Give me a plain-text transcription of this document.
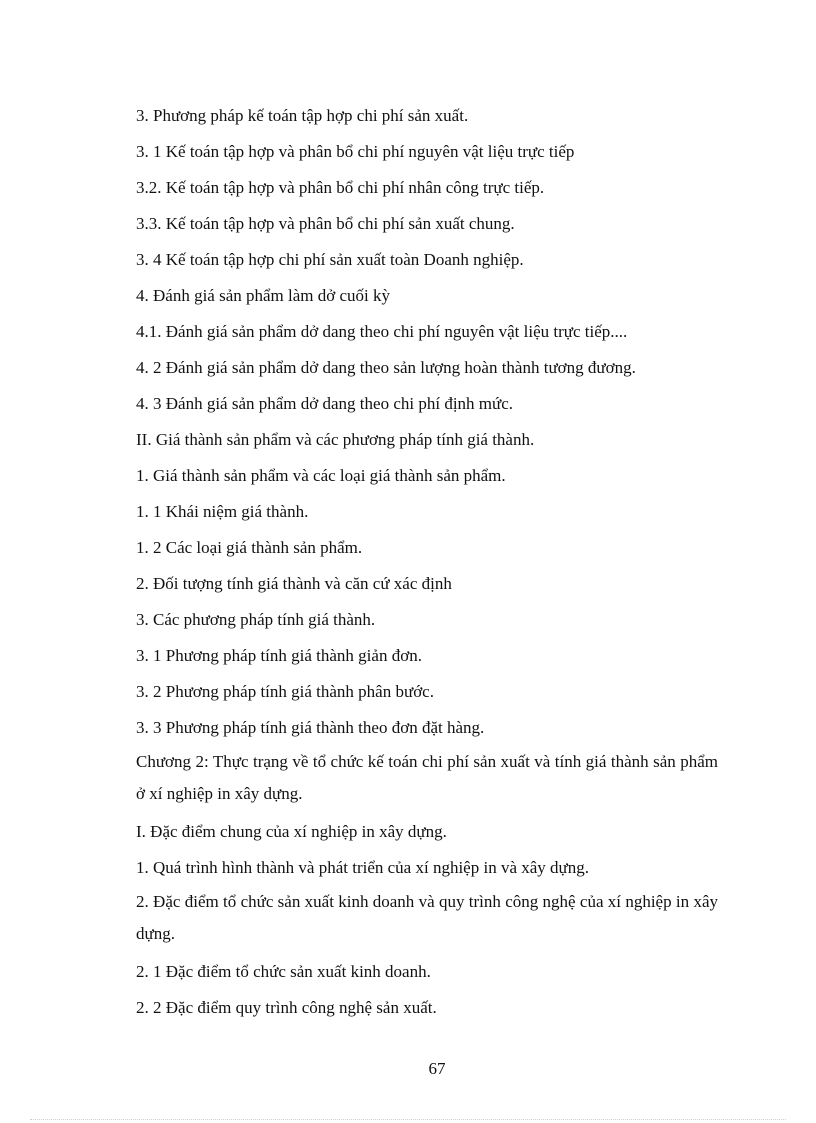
3. Phương pháp kế toán tập hợp chi phí sản xuất.
3. 1 Kế toán tập hợp và phân bổ chi phí nguyên vật liệu trực tiếp
3.2. Kế toán tập hợp và phân bổ chi phí nhân công trực tiếp.
3.3. Kế toán tập hợp và phân bổ chi phí sản xuất chung.
3. 4 Kế toán tập hợp chi phí sản xuất toàn Doanh nghiệp.
4. Đánh giá sản phẩm làm dở cuối kỳ
4.1. Đánh giá sản phẩm dở dang theo chi phí nguyên vật liệu trực tiếp....
4. 2 Đánh giá sản phẩm dở dang theo sản lượng hoàn thành tương đương.
4. 3 Đánh giá sản phẩm dở dang theo chi phí định mức.
II. Giá thành sản phẩm và các phương pháp tính giá thành.
1. Giá thành sản phẩm và các loại giá thành sản phẩm.
1. 1 Khái niệm giá thành.
1. 2 Các loại giá thành sản phẩm.
2. Đối tượng tính giá thành và căn cứ xác định
3. Các phương pháp tính giá thành.
3. 1 Phương pháp tính giá thành giản đơn.
3. 2 Phương pháp tính giá thành phân bước.
3. 3 Phương pháp tính giá thành theo đơn đặt hàng.
Chương 2: Thực trạng về tổ chức kế toán chi phí sản xuất và tính giá thành sản phẩm ở xí nghiệp in xây dựng.
I. Đặc điểm chung của xí nghiệp in xây dựng.
1. Quá trình hình thành và phát triển của xí nghiệp in và xây dựng.
2. Đặc điểm tổ chức sản xuất kinh doanh và quy trình công nghệ của xí nghiệp in xây dựng.
2. 1 Đặc điểm tổ chức sản xuất kinh doanh.
2. 2 Đặc điểm quy trình công nghệ sản xuất.
67
